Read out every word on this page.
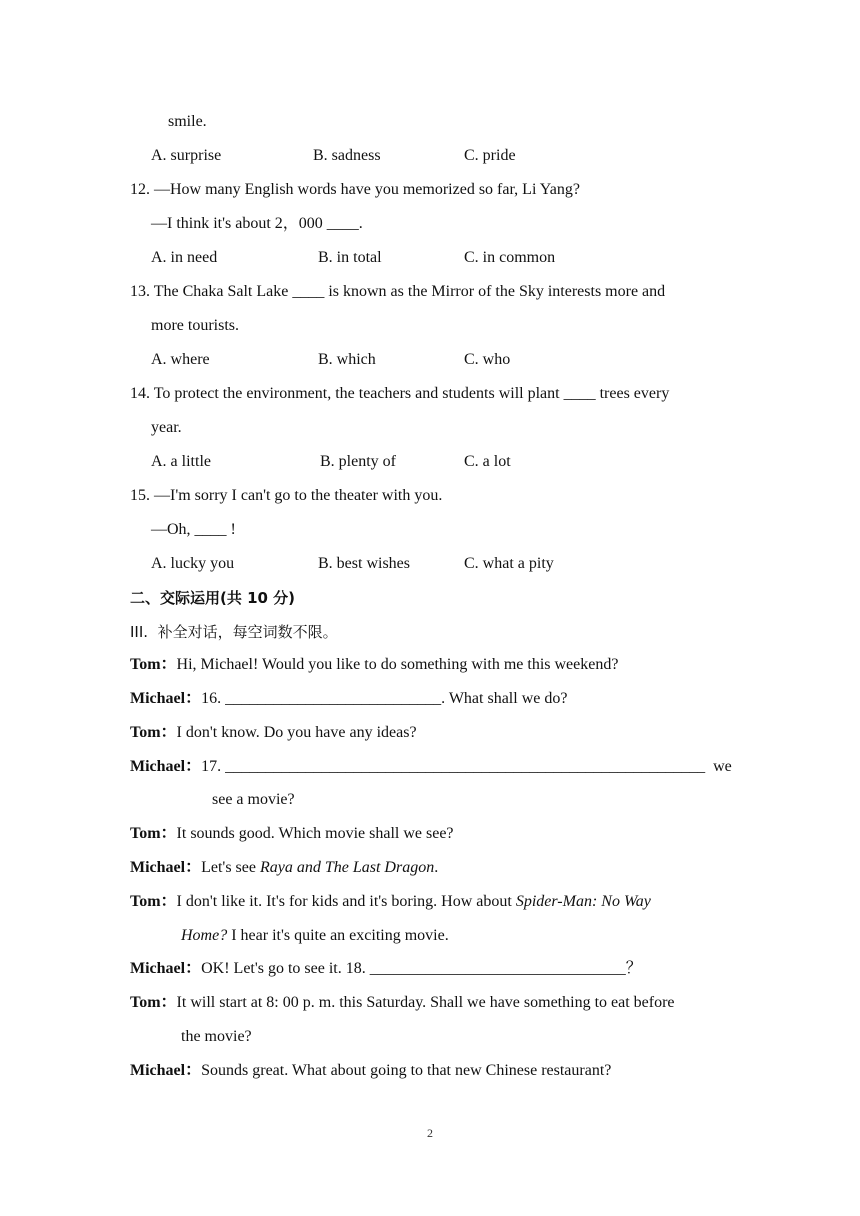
smile.
A. surprise	B. sadness	C. pride
12. —How many English words have you memorized so far, Li Yang?
—I think it's about 2，000 ____.
A. in need	B. in total	C. in common
13. The Chaka Salt Lake ____ is known as the Mirror of the Sky interests more and
more tourists.
A. where	B. which	C. who
14. To protect the environment, the teachers and students will plant ____ trees every
year.
A. a little	B. plenty of	C. a lot
15. —I'm sorry I can't go to the theater with you.
—Oh, ____ !
A. lucky you	B. best wishes	C. what a pity
二、交际运用(共 10 分)
III.  补全对话，每空词数不限。
Tom：Hi, Michael! Would you like to do something with me this weekend?
Michael：16. ___________________________. What shall we do?
Tom：I don't know. Do you have any ideas?
Michael：17. ____________________________________________________________  we
see a movie?
Tom：It sounds good. Which movie shall we see?
Michael：Let's see Raya and The Last Dragon.
Tom：I don't like it. It's for kids and it's boring. How about Spider-Man: No Way
Home? I hear it's quite an exciting movie.
Michael：OK! Let's go to see it. 18. ________________________________？
Tom：It will start at 8: 00 p. m. this Saturday. Shall we have something to eat before
the movie?
Michael：Sounds great. What about going to that new Chinese restaurant?
2
